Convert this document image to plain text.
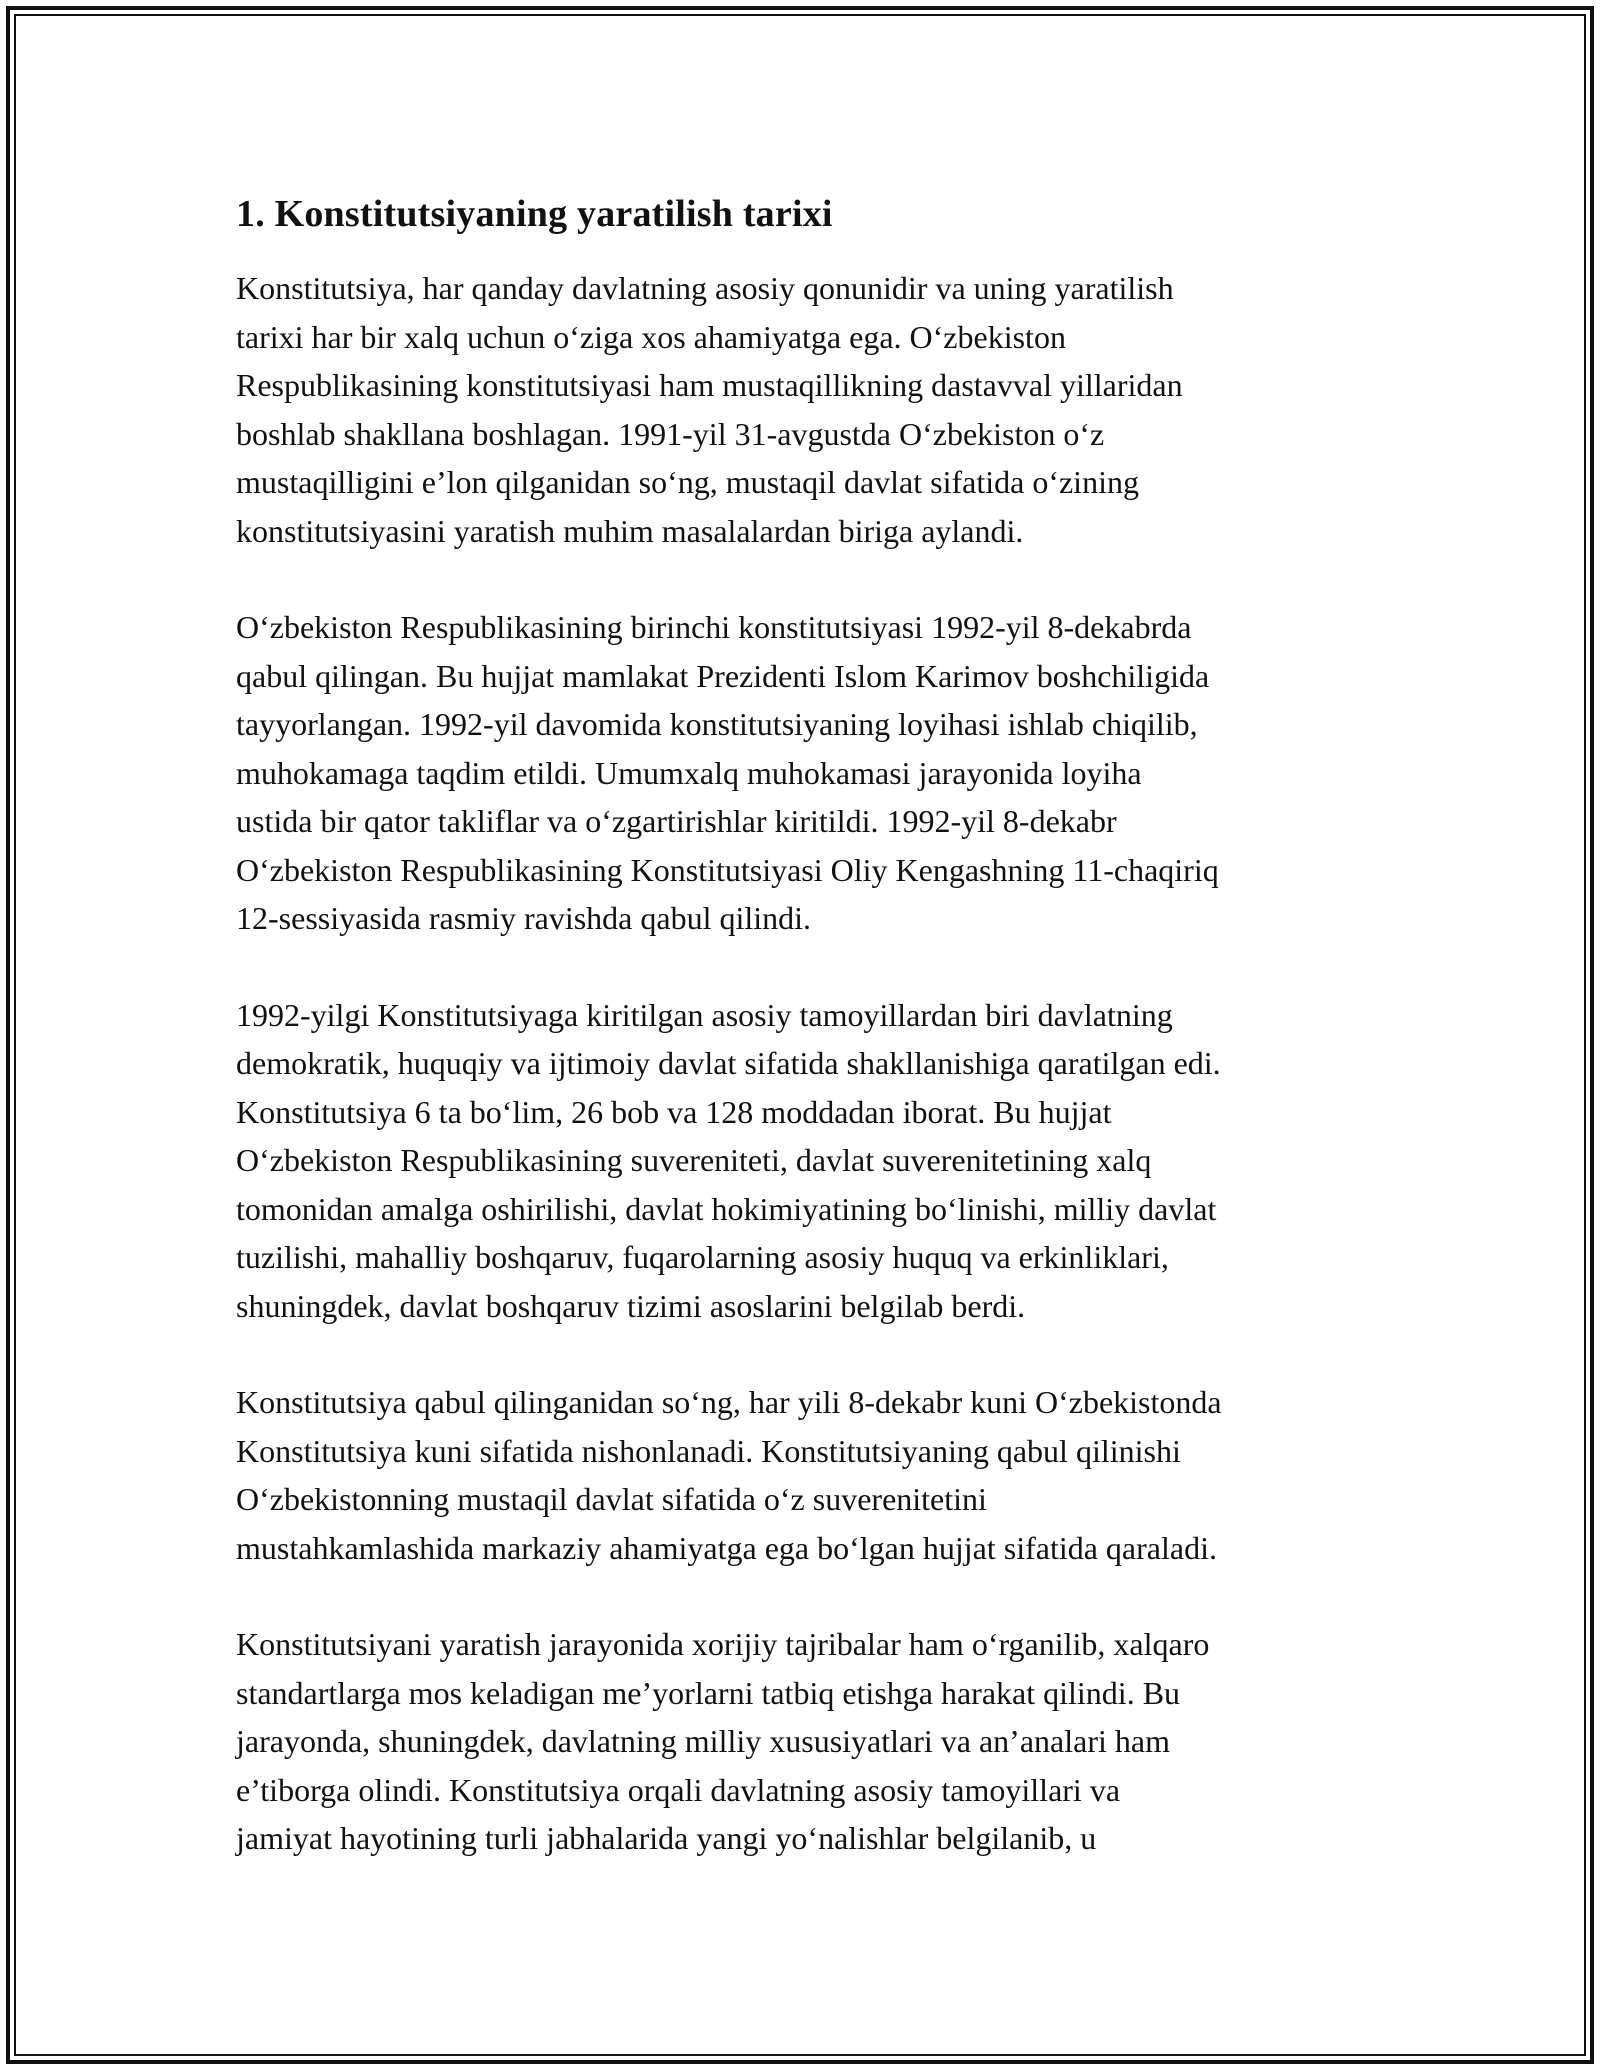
1. Konstitutsiyaning yaratilish tarixi

Konstitutsiya, har qanday davlatning asosiy qonunidir va uning yaratilish
tarixi har bir xalq uchun o‘ziga xos ahamiyatga ega. O‘zbekiston
Respublikasining konstitutsiyasi ham mustaqillikning dastavval yillaridan
boshlab shakllana boshlagan. 1991-yil 31-avgustda O‘zbekiston o‘z
mustaqilligini e’lon qilganidan so‘ng, mustaqil davlat sifatida o‘zining
konstitutsiyasini yaratish muhim masalalardan biriga aylandi.

O‘zbekiston Respublikasining birinchi konstitutsiyasi 1992-yil 8-dekabrda
qabul qilingan. Bu hujjat mamlakat Prezidenti Islom Karimov boshchiligida
tayyorlangan. 1992-yil davomida konstitutsiyaning loyihasi ishlab chiqilib,
muhokamaga taqdim etildi. Umumxalq muhokamasi jarayonida loyiha
ustida bir qator takliflar va o‘zgartirishlar kiritildi. 1992-yil 8-dekabr
O‘zbekiston Respublikasining Konstitutsiyasi Oliy Kengashning 11-chaqiriq
12-sessiyasida rasmiy ravishda qabul qilindi.

1992-yilgi Konstitutsiyaga kiritilgan asosiy tamoyillardan biri davlatning
demokratik, huquqiy va ijtimoiy davlat sifatida shakllanishiga qaratilgan edi.
Konstitutsiya 6 ta bo‘lim, 26 bob va 128 moddadan iborat. Bu hujjat
O‘zbekiston Respublikasining suvereniteti, davlat suverenitetining xalq
tomonidan amalga oshirilishi, davlat hokimiyatining bo‘linishi, milliy davlat
tuzilishi, mahalliy boshqaruv, fuqarolarning asosiy huquq va erkinliklari,
shuningdek, davlat boshqaruv tizimi asoslarini belgilab berdi.

Konstitutsiya qabul qilinganidan so‘ng, har yili 8-dekabr kuni O‘zbekistonda
Konstitutsiya kuni sifatida nishonlanadi. Konstitutsiyaning qabul qilinishi
O‘zbekistonning mustaqil davlat sifatida o‘z suverenitetini
mustahkamlashida markaziy ahamiyatga ega bo‘lgan hujjat sifatida qaraladi.

Konstitutsiyani yaratish jarayonida xorijiy tajribalar ham o‘rganilib, xalqaro
standartlarga mos keladigan me’yorlarni tatbiq etishga harakat qilindi. Bu
jarayonda, shuningdek, davlatning milliy xususiyatlari va an’analari ham
e’tiborga olindi. Konstitutsiya orqali davlatning asosiy tamoyillari va
jamiyat hayotining turli jabhalarida yangi yo‘nalishlar belgilanib, u
